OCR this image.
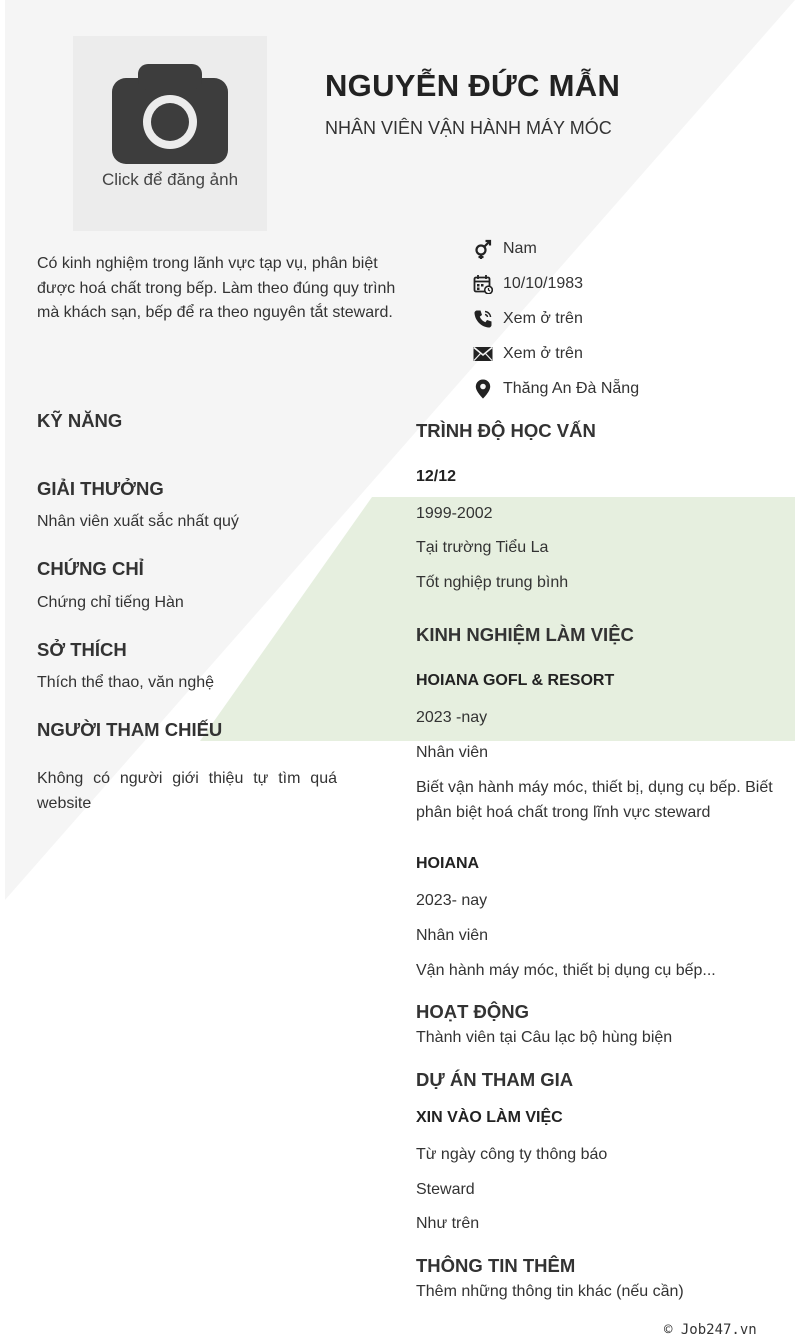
Click để đăng ảnh
NGUYỄN ĐỨC MẪN
NHÂN VIÊN VẬN HÀNH MÁY MÓC
Có kinh nghiệm trong lãnh vực tạp vụ, phân biệt được hoá chất trong bếp. Làm theo đúng quy trình mà khách sạn, bếp để ra theo nguyên tắt steward.
Nam
10/10/1983
Xem ở trên
Xem ở trên
Thăng An Đà Nẵng
KỸ NĂNG
GIẢI THƯỞNG
Nhân viên xuất sắc nhất quý
CHỨNG CHỈ
Chứng chỉ tiếng Hàn
SỞ THÍCH
Thích thể thao, văn nghệ
NGƯỜI THAM CHIẾU
Không có người giới thiệu tự tìm quá website
TRÌNH ĐỘ HỌC VẤN
12/12
1999-2002
Tại trường Tiểu La
Tốt nghiệp trung bình
KINH NGHIỆM LÀM VIỆC
HOIANA GOFL & RESORT
2023 -nay
Nhân viên
Biết vận hành máy móc, thiết bị, dụng cụ bếp. Biết phân biệt hoá chất trong lĩnh vực steward
HOIANA
2023- nay
Nhân viên
Vận hành máy móc, thiết bị dụng cụ bếp...
HOẠT ĐỘNG
Thành viên tại Câu lạc bộ hùng biện
DỰ ÁN THAM GIA
XIN VÀO LÀM VIỆC
Từ ngày công ty thông báo
Steward
Như trên
THÔNG TIN THÊM
Thêm những thông tin khác (nếu cần)
© Job247.vn
